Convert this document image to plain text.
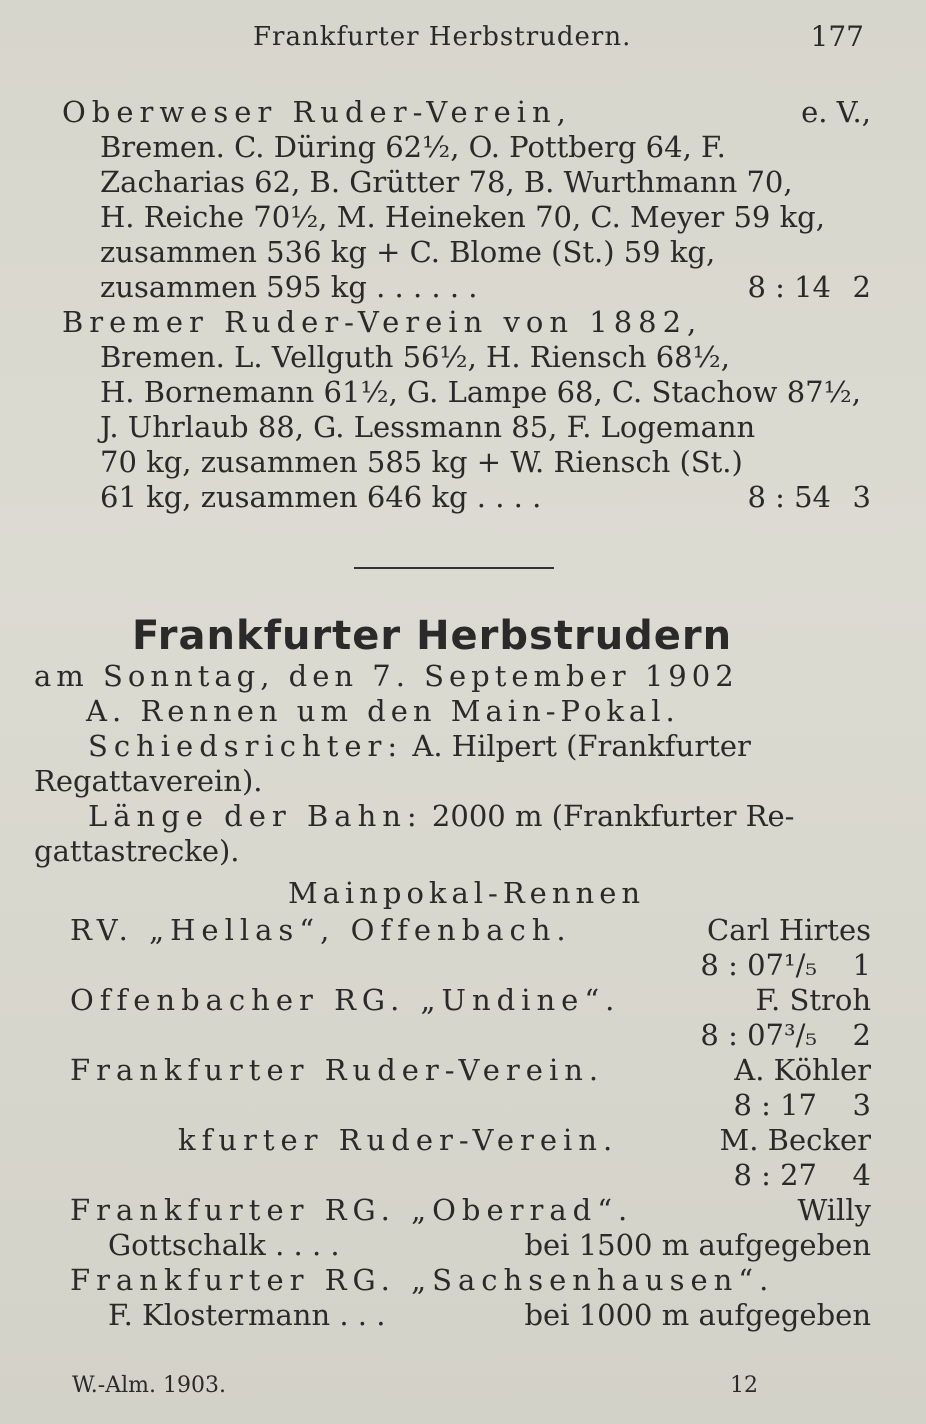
Frankfurter Herbstrudern.	177
Oberweser Ruder-Verein,	e. V.,
Bremen. C. Düring 62½, O. Pottberg 64, F.
Zacharias 62, B. Grütter 78, B. Wurthmann 70,
H. Reiche 70½, M. Heineken 70, C. Meyer 59 kg,
zusammen 536 kg + C. Blome (St.) 59 kg,
zusammen 595 kg . . . . . .	8 : 14 2
Bremer Ruder-Verein von 1882,
Bremen. L. Vellguth 56½, H. Riensch 68½,
H. Bornemann 61½, G. Lampe 68, C. Stachow 87½,
J. Uhrlaub 88, G. Lessmann 85, F. Logemann
70 kg, zusammen 585 kg + W. Riensch (St.)
61 kg, zusammen 646 kg . . . .	8 : 54 3
Frankfurter Herbstrudern
am Sonntag, den 7. September 1902
A. Rennen um den Main-Pokal.
Schiedsrichter: A. Hilpert (Frankfurter
Regattaverein).
Länge der Bahn: 2000 m (Frankfurter Re-
gattastrecke).
Mainpokal-Rennen
RV. „Hellas“, Offenbach.	Carl Hirtes
8 : 07¹/₅ 1
Offenbacher RG. „Undine“.	F. Stroh
8 : 07³/₅ 2
Frankfurter Ruder-Verein.	A. Köhler
8 : 17 3
kfurter Ruder-Verein.	M. Becker
8 : 27 4
Frankfurter RG. „Oberrad“.	Willy
Gottschalk . . . .	bei 1500 m aufgegeben
Frankfurter RG. „Sachsenhausen“.
F. Klostermann . . .	bei 1000 m aufgegeben
W.-Alm. 1903.	12
